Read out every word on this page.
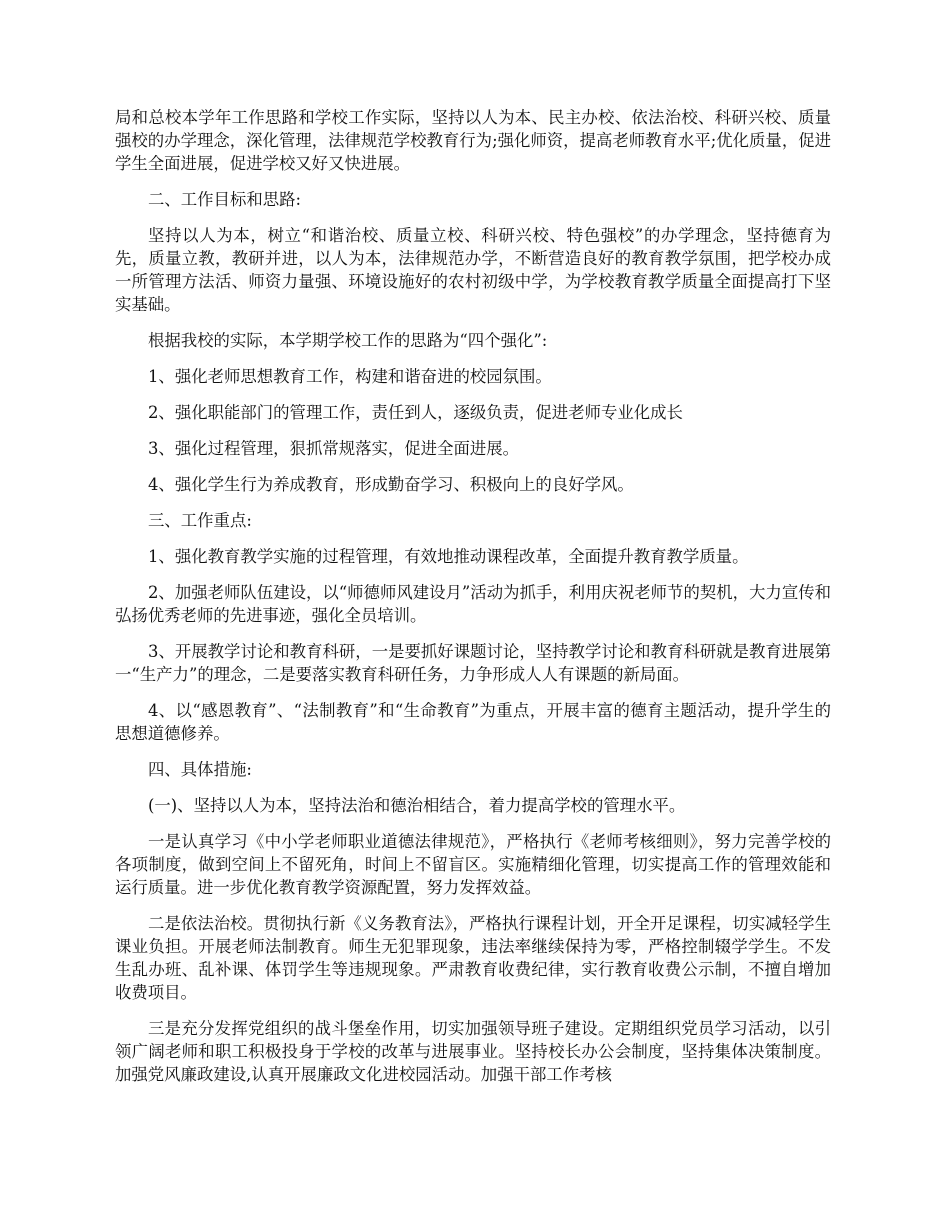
局和总校本学年工作思路和学校工作实际，坚持以人为本、民主办校、依法治校、科研兴校、质量强校的办学理念，深化管理，法律规范学校教育行为;强化师资，提高老师教育水平;优化质量，促进学生全面进展，促进学校又好又快进展。

二、工作目标和思路:

坚持以人为本，树立“和谐治校、质量立校、科研兴校、特色强校”的办学理念，坚持德育为先，质量立教，教研并进，以人为本，法律规范办学，不断营造良好的教育教学氛围，把学校办成一所管理方法活、师资力量强、环境设施好的农村初级中学，为学校教育教学质量全面提高打下坚实基础。

根据我校的实际，本学期学校工作的思路为“四个强化”:

1、强化老师思想教育工作，构建和谐奋进的校园氛围。

2、强化职能部门的管理工作，责任到人，逐级负责，促进老师专业化成长

3、强化过程管理，狠抓常规落实，促进全面进展。

4、强化学生行为养成教育，形成勤奋学习、积极向上的良好学风。

三、工作重点:

1、强化教育教学实施的过程管理，有效地推动课程改革，全面提升教育教学质量。

2、加强老师队伍建设，以“师德师风建设月”活动为抓手，利用庆祝老师节的契机，大力宣传和弘扬优秀老师的先进事迹，强化全员培训。

3、开展教学讨论和教育科研，一是要抓好课题讨论，坚持教学讨论和教育科研就是教育进展第一“生产力”的理念，二是要落实教育科研任务，力争形成人人有课题的新局面。

4、以“感恩教育”、“法制教育”和“生命教育”为重点，开展丰富的德育主题活动，提升学生的思想道德修养。

四、具体措施:

(一)、坚持以人为本，坚持法治和德治相结合，着力提高学校的管理水平。

一是认真学习《中小学老师职业道德法律规范》，严格执行《老师考核细则》，努力完善学校的各项制度，做到空间上不留死角，时间上不留盲区。实施精细化管理，切实提高工作的管理效能和运行质量。进一步优化教育教学资源配置，努力发挥效益。

二是依法治校。贯彻执行新《义务教育法》，严格执行课程计划，开全开足课程，切实减轻学生课业负担。开展老师法制教育。师生无犯罪现象，违法率继续保持为零，严格控制辍学学生。不发生乱办班、乱补课、体罚学生等违规现象。严肃教育收费纪律，实行教育收费公示制，不擅自增加收费项目。

三是充分发挥党组织的战斗堡垒作用，切实加强领导班子建设。定期组织党员学习活动，以引领广阔老师和职工积极投身于学校的改革与进展事业。坚持校长办公会制度，坚持集体决策制度。加强党风廉政建设,认真开展廉政文化进校园活动。加强干部工作考核
